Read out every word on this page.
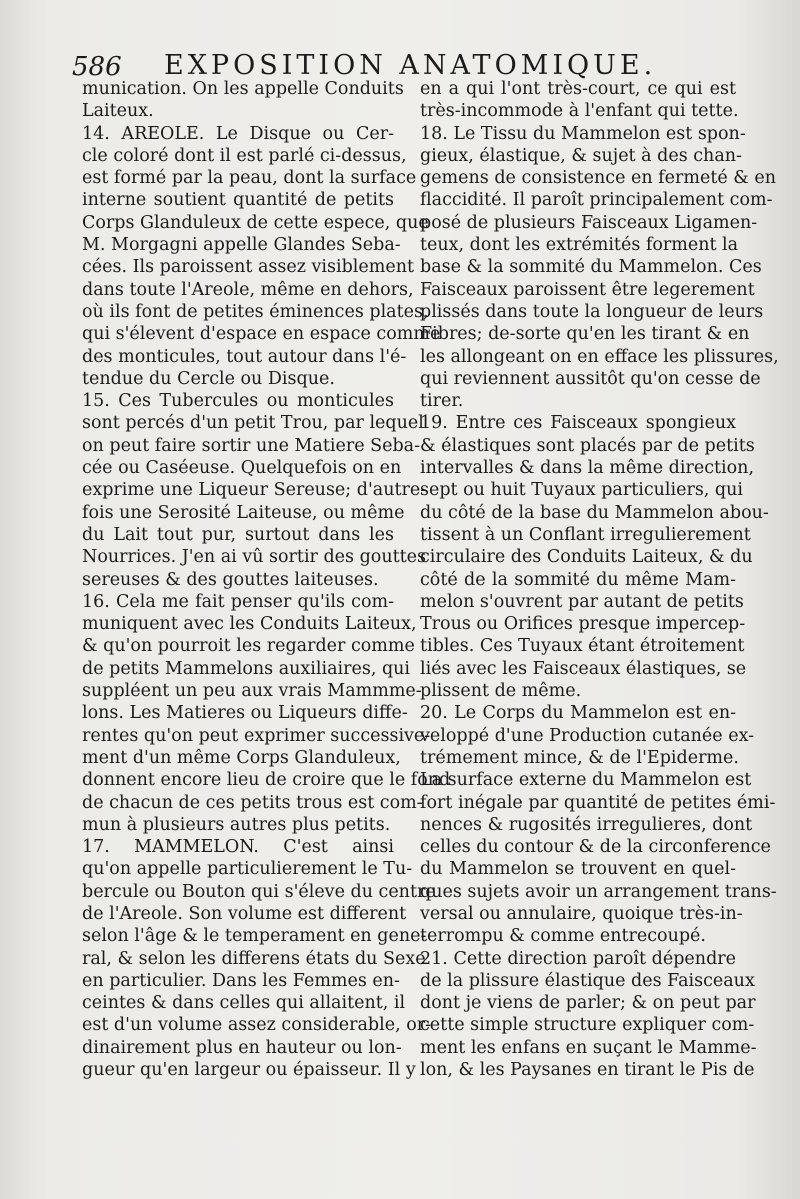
586 EXPOSITION ANATOMIQUE.
munication. On les appelle Conduits
Laiteux.
14. AREOLE. Le Disque ou Cer-
cle coloré dont il est parlé ci-dessus,
est formé par la peau, dont la surface
interne soutient quantité de petits
Corps Glanduleux de cette espece, que
M. Morgagni appelle Glandes Seba-
cées. Ils paroissent assez visiblement
dans toute l'Areole, même en dehors,
où ils font de petites éminences plates,
qui s'élevent d'espace en espace comme
des monticules, tout autour dans l'é-
tendue du Cercle ou Disque.
15. Ces Tubercules ou monticules
sont percés d'un petit Trou, par lequel
on peut faire sortir une Matiere Seba-
cée ou Caséeuse. Quelquefois on en
exprime une Liqueur Sereuse; d'autre-
fois une Serosité Laiteuse, ou même
du Lait tout pur, surtout dans les
Nourrices. J'en ai vû sortir des gouttes
sereuses & des gouttes laiteuses.
16. Cela me fait penser qu'ils com-
muniquent avec les Conduits Laiteux,
& qu'on pourroit les regarder comme
de petits Mammelons auxiliaires, qui
suppléent un peu aux vrais Mammme-
lons. Les Matieres ou Liqueurs diffe-
rentes qu'on peut exprimer successive-
ment d'un même Corps Glanduleux,
donnent encore lieu de croire que le fond
de chacun de ces petits trous est com-
mun à plusieurs autres plus petits.
17. MAMMELON. C'est ainsi
qu'on appelle particulierement le Tu-
bercule ou Bouton qui s'éleve du centre
de l'Areole. Son volume est different
selon l'âge & le temperament en gene-
ral, & selon les differens états du Sexe
en particulier. Dans les Femmes en-
ceintes & dans celles qui allaitent, il
est d'un volume assez considerable, or-
dinairement plus en hauteur ou lon-
gueur qu'en largeur ou épaisseur. Il y
en a qui l'ont très-court, ce qui est
très-incommode à l'enfant qui tette.
18. Le Tissu du Mammelon est spon-
gieux, élastique, & sujet à des chan-
gemens de consistence en fermeté & en
flaccidité. Il paroît principalement com-
posé de plusieurs Faisceaux Ligamen-
teux, dont les extrémités forment la
base & la sommité du Mammelon. Ces
Faisceaux paroissent être legerement
plissés dans toute la longueur de leurs
Fibres; de-sorte qu'en les tirant & en
les allongeant on en efface les plissures,
qui reviennent aussitôt qu'on cesse de
tirer.
19. Entre ces Faisceaux spongieux
& élastiques sont placés par de petits
intervalles & dans la même direction,
sept ou huit Tuyaux particuliers, qui
du côté de la base du Mammelon abou-
tissent à un Conflant irregulierement
circulaire des Conduits Laiteux, & du
côté de la sommité du même Mam-
melon s'ouvrent par autant de petits
Trous ou Orifices presque impercep-
tibles. Ces Tuyaux étant étroitement
liés avec les Faisceaux élastiques, se
plissent de même.
20. Le Corps du Mammelon est en-
veloppé d'une Production cutanée ex-
trémement mince, & de l'Epiderme.
La surface externe du Mammelon est
fort inégale par quantité de petites émi-
nences & rugosités irregulieres, dont
celles du contour & de la circonference
du Mammelon se trouvent en quel-
ques sujets avoir un arrangement trans-
versal ou annulaire, quoique très-in-
terrompu & comme entrecoupé.
21. Cette direction paroît dépendre
de la plissure élastique des Faisceaux
dont je viens de parler; & on peut par
cette simple structure expliquer com-
ment les enfans en suçant le Mamme-
lon, & les Paysanes en tirant le Pis de
